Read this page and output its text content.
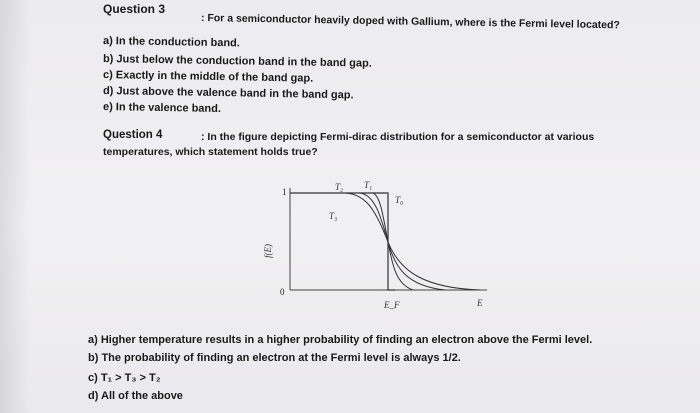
Question 3
: For a semiconductor heavily doped with Gallium, where is the Fermi level located?
a) In the conduction band.
b) Just below the conduction band in the band gap.
c) Exactly in the middle of the band gap.
d) Just above the valence band in the band gap.
e) In the valence band.
Question 4	: In the figure depicting Fermi-dirac distribution for a semiconductor at various
temperatures, which statement holds true?
1
0
f(E)
E
E_F
T₂ T₁
T₀
T₃
a) Higher temperature results in a higher probability of finding an electron above the Fermi level.
b) The probability of finding an electron at the Fermi level is always 1/2.
c) T₁ > T₃ > T₂
d) All of the above
